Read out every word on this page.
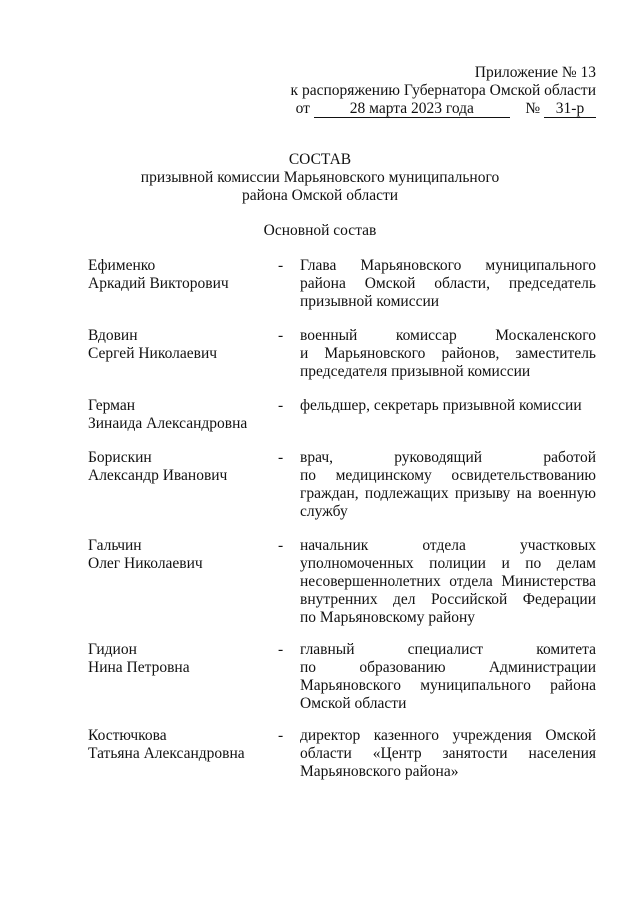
Приложение № 13
к распоряжению Губернатора Омской области
от	28 марта 2023 года	№ 31-р
СОСТАВ
призывной комиссии Марьяновского муниципального
района Омской области
Основной состав
Ефименко
Аркадий Викторович
- Глава Марьяновского муниципального
района Омской области, председатель
призывной комиссии
Вдовин
Сергей Николаевич
- военный комиссар Москаленского
и Марьяновского районов, заместитель
председателя призывной комиссии
Герман
Зинаида Александровна
- фельдшер, секретарь призывной комиссии
Борискин
Александр Иванович
- врач, руководящий работой
по медицинскому освидетельствованию
граждан, подлежащих призыву на военную
службу
Гальчин
Олег Николаевич
- начальник отдела участковых
уполномоченных полиции и по делам
несовершеннолетних отдела Министерства
внутренних дел Российской Федерации
по Марьяновскому району
Гидион
Нина Петровна
- главный специалист комитета
по образованию Администрации
Марьяновского муниципального района
Омской области
Костючкова
Татьяна Александровна
- директор казенного учреждения Омской
области «Центр занятости населения
Марьяновского района»
